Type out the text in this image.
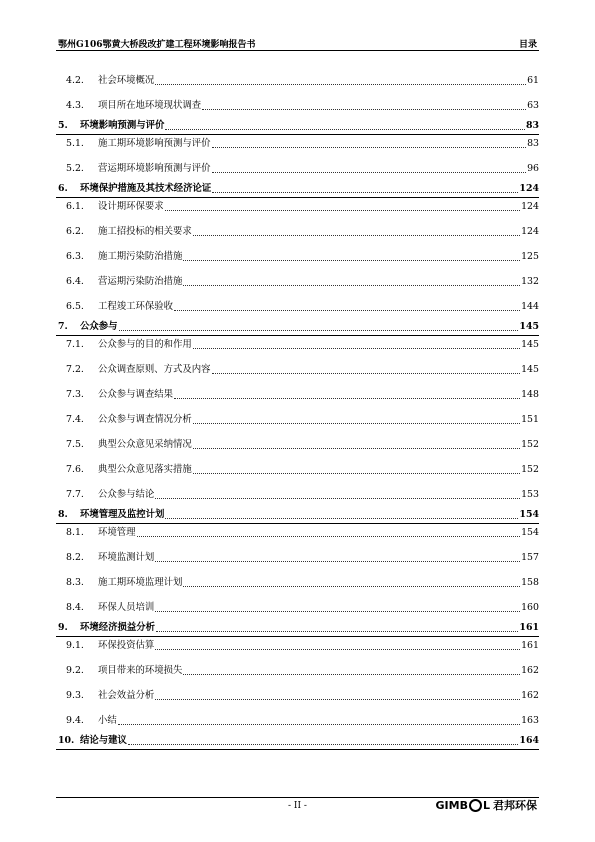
鄂州G106鄂黄大桥段改扩建工程环境影响报告书	目录
4.2.	社会环境概况	61
4.3.	项目所在地环境现状调查	63
5.	环境影响预测与评价	83
5.1.	施工期环境影响预测与评价	83
5.2.	营运期环境影响预测与评价	96
6.	环境保护措施及其技术经济论证	124
6.1.	设计期环保要求	124
6.2.	施工招投标的相关要求	124
6.3.	施工期污染防治措施	125
6.4.	营运期污染防治措施	132
6.5.	工程竣工环保验收	144
7.	公众参与	145
7.1.	公众参与的目的和作用	145
7.2.	公众调查原则、方式及内容	145
7.3.	公众参与调查结果	148
7.4.	公众参与调查情况分析	151
7.5.	典型公众意见采纳情况	152
7.6.	典型公众意见落实措施	152
7.7.	公众参与结论	153
8.	环境管理及监控计划	154
8.1.	环境管理	154
8.2.	环境监测计划	157
8.3.	施工期环境监理计划	158
8.4.	环保人员培训	160
9.	环境经济损益分析	161
9.1.	环保投资估算	161
9.2.	项目带来的环境损失	162
9.3.	社会效益分析	162
9.4.	小结	163
10. 结论与建议	164
- II -	GIMB L 君邦环保
